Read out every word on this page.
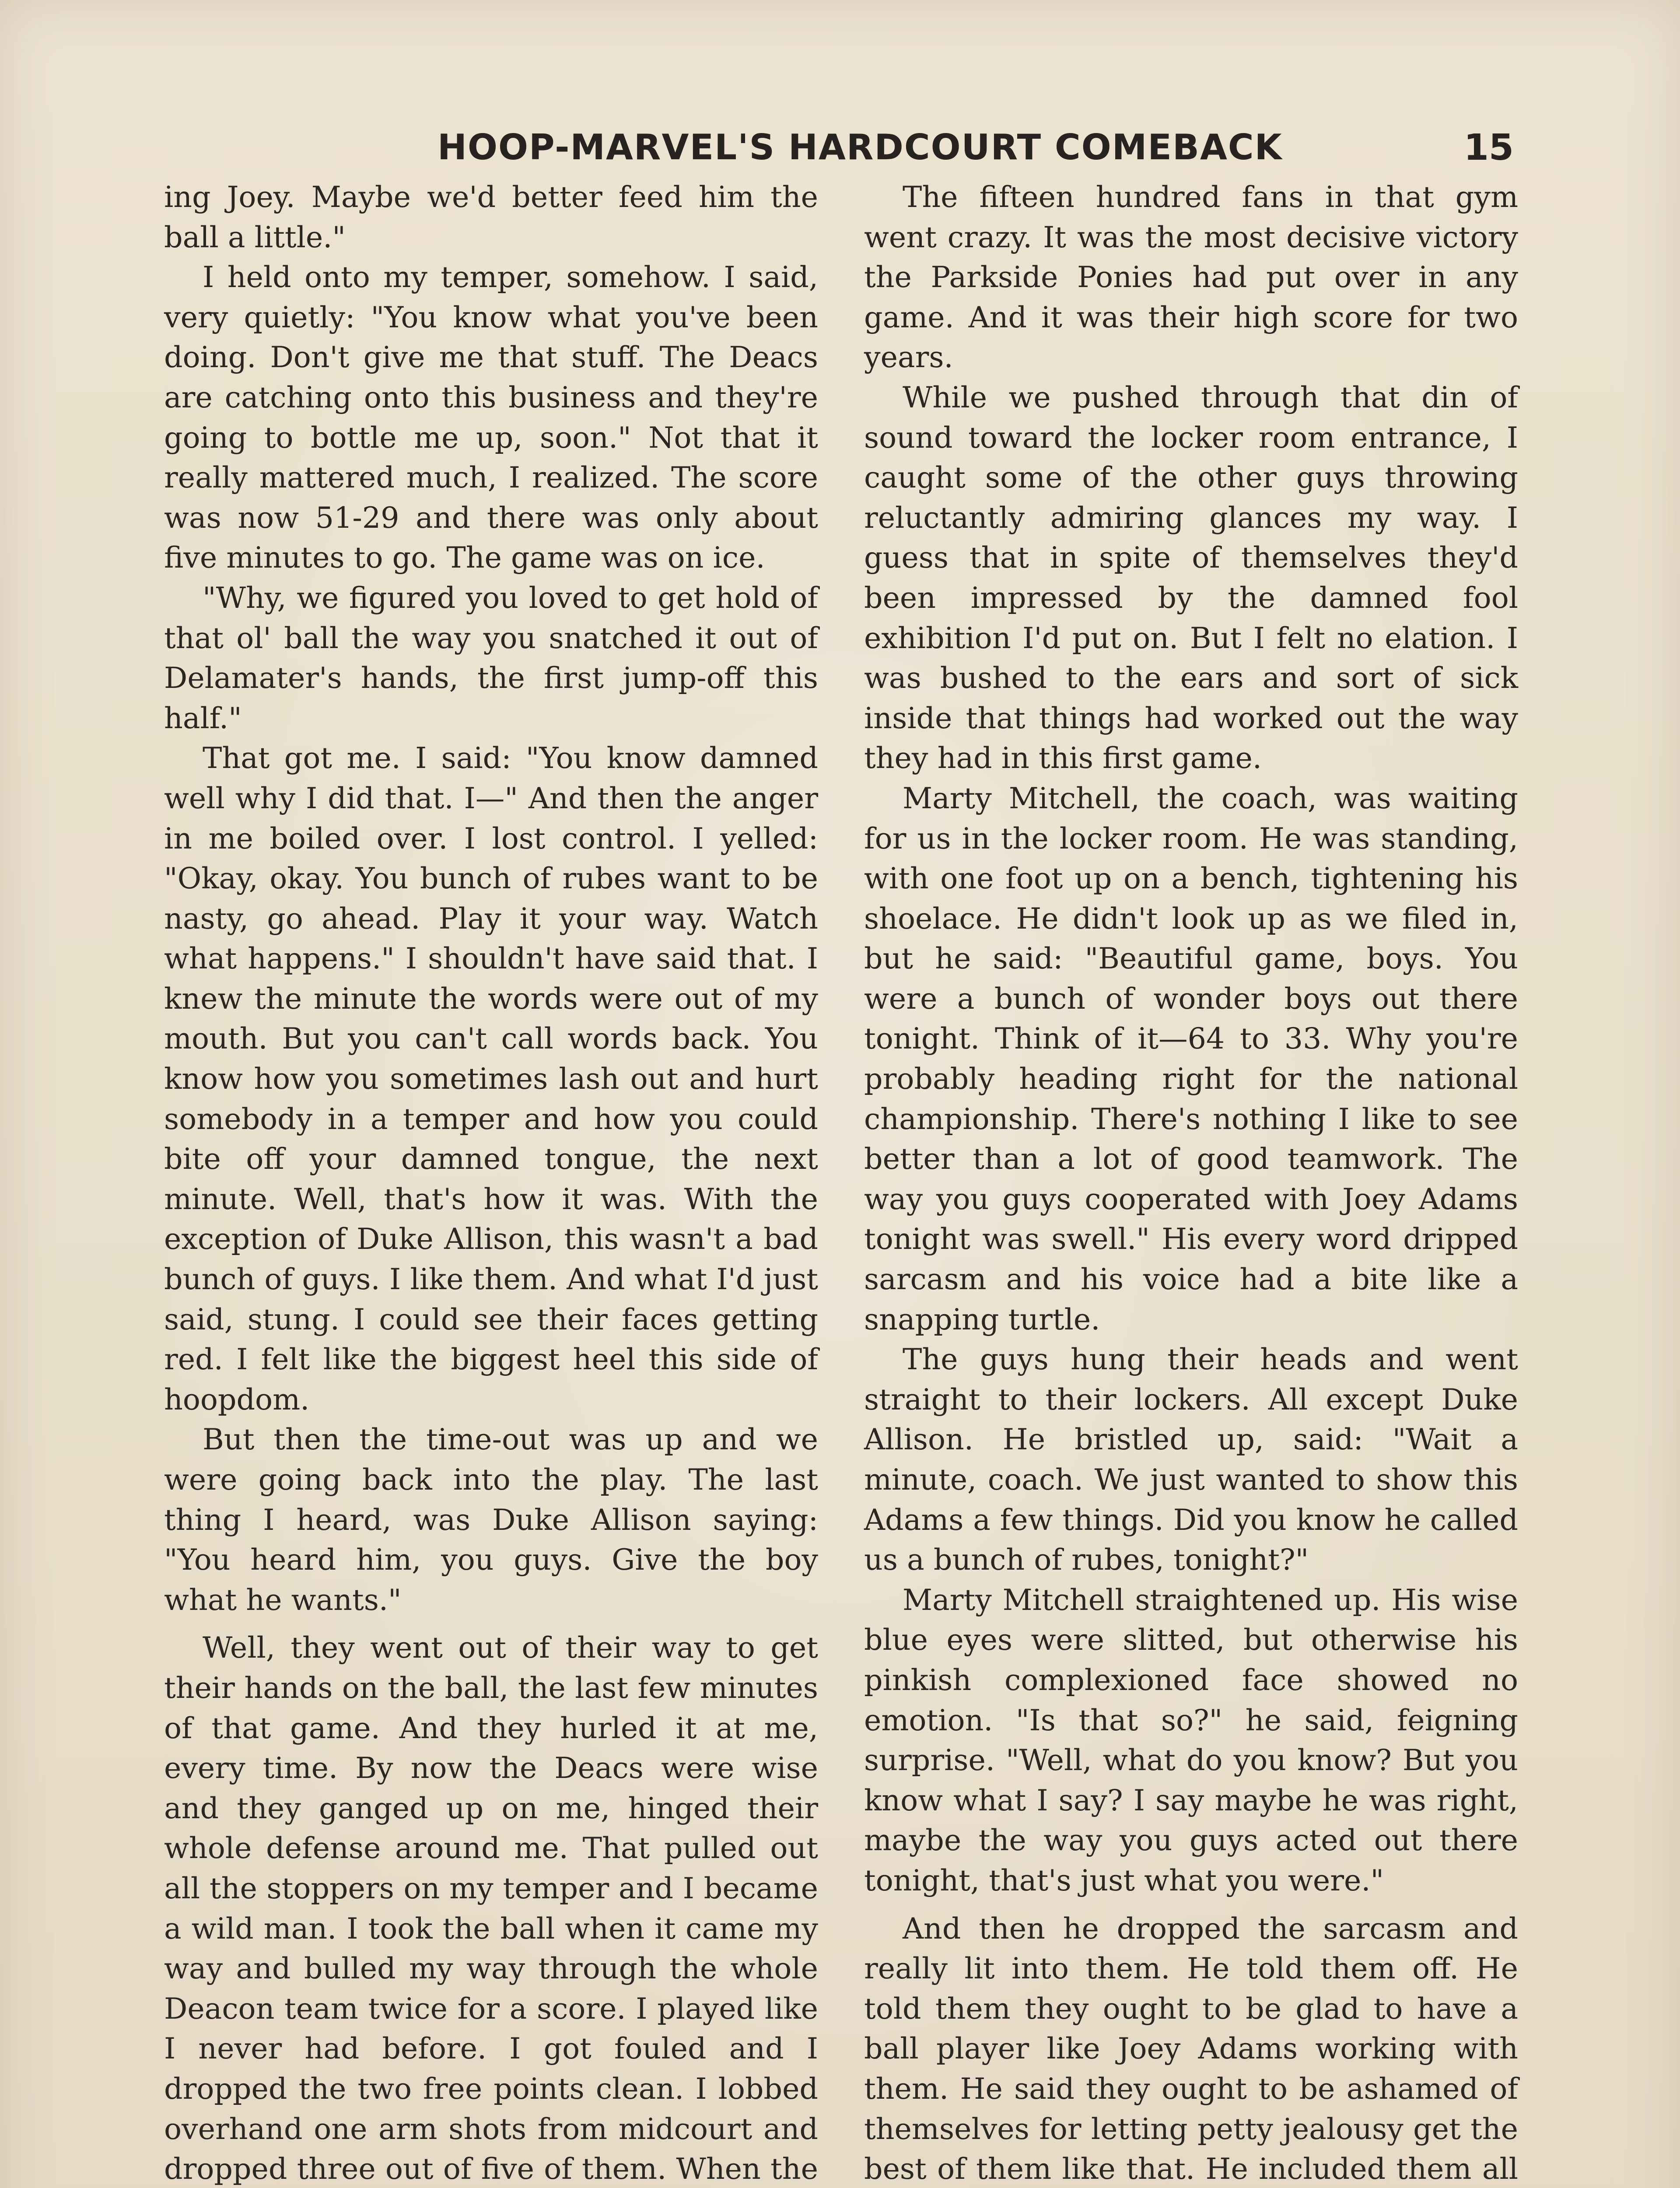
HOOP-MARVEL'S HARDCOURT COMEBACK	15

ing Joey. Maybe we'd better feed him the ball a little."

I held onto my temper, somehow. I said, very quietly: "You know what you've been doing. Don't give me that stuff. The Deacs are catching onto this business and they're going to bottle me up, soon." Not that it really mattered much, I realized. The score was now 51-29 and there was only about five minutes to go. The game was on ice.

"Why, we figured you loved to get hold of that ol' ball the way you snatched it out of Delamater's hands, the first jump-off this half."

That got me. I said: "You know damned well why I did that. I—" And then the anger in me boiled over. I lost control. I yelled: "Okay, okay. You bunch of rubes want to be nasty, go ahead. Play it your way. Watch what happens." I shouldn't have said that. I knew the minute the words were out of my mouth. But you can't call words back. You know how you sometimes lash out and hurt somebody in a temper and how you could bite off your damned tongue, the next minute. Well, that's how it was. With the exception of Duke Allison, this wasn't a bad bunch of guys. I like them. And what I'd just said, stung. I could see their faces getting red. I felt like the biggest heel this side of hoopdom.

But then the time-out was up and we were going back into the play. The last thing I heard, was Duke Allison saying: "You heard him, you guys. Give the boy what he wants."

Well, they went out of their way to get their hands on the ball, the last few minutes of that game. And they hurled it at me, every time. By now the Deacs were wise and they ganged up on me, hinged their whole defense around me. That pulled out all the stoppers on my temper and I became a wild man. I took the ball when it came my way and bulled my way through the whole Deacon team twice for a score. I played like I never had before. I got fouled and I dropped the two free points clean. I lobbed overhand one arm shots from midcourt and dropped three out of five of them. When the

The fifteen hundred fans in that gym went crazy. It was the most decisive victory the Parkside Ponies had put over in any game. And it was their high score for two years.

While we pushed through that din of sound toward the locker room entrance, I caught some of the other guys throwing reluctantly admiring glances my way. I guess that in spite of themselves they'd been impressed by the damned fool exhibition I'd put on. But I felt no elation. I was bushed to the ears and sort of sick inside that things had worked out the way they had in this first game.

Marty Mitchell, the coach, was waiting for us in the locker room. He was standing, with one foot up on a bench, tightening his shoelace. He didn't look up as we filed in, but he said: "Beautiful game, boys. You were a bunch of wonder boys out there tonight. Think of it—64 to 33. Why you're probably heading right for the national championship. There's nothing I like to see better than a lot of good teamwork. The way you guys cooperated with Joey Adams tonight was swell." His every word dripped sarcasm and his voice had a bite like a snapping turtle.

The guys hung their heads and went straight to their lockers. All except Duke Allison. He bristled up, said: "Wait a minute, coach. We just wanted to show this Adams a few things. Did you know he called us a bunch of rubes, tonight?"

Marty Mitchell straightened up. His wise blue eyes were slitted, but otherwise his pinkish complexioned face showed no emotion. "Is that so?" he said, feigning surprise. "Well, what do you know? But you know what I say? I say maybe he was right, maybe the way you guys acted out there tonight, that's just what you were."

And then he dropped the sarcasm and really lit into them. He told them off. He told them they ought to be glad to have a ball player like Joey Adams working with them. He said they ought to be ashamed of themselves for letting petty jealousy get the best of them like that. He included them all
